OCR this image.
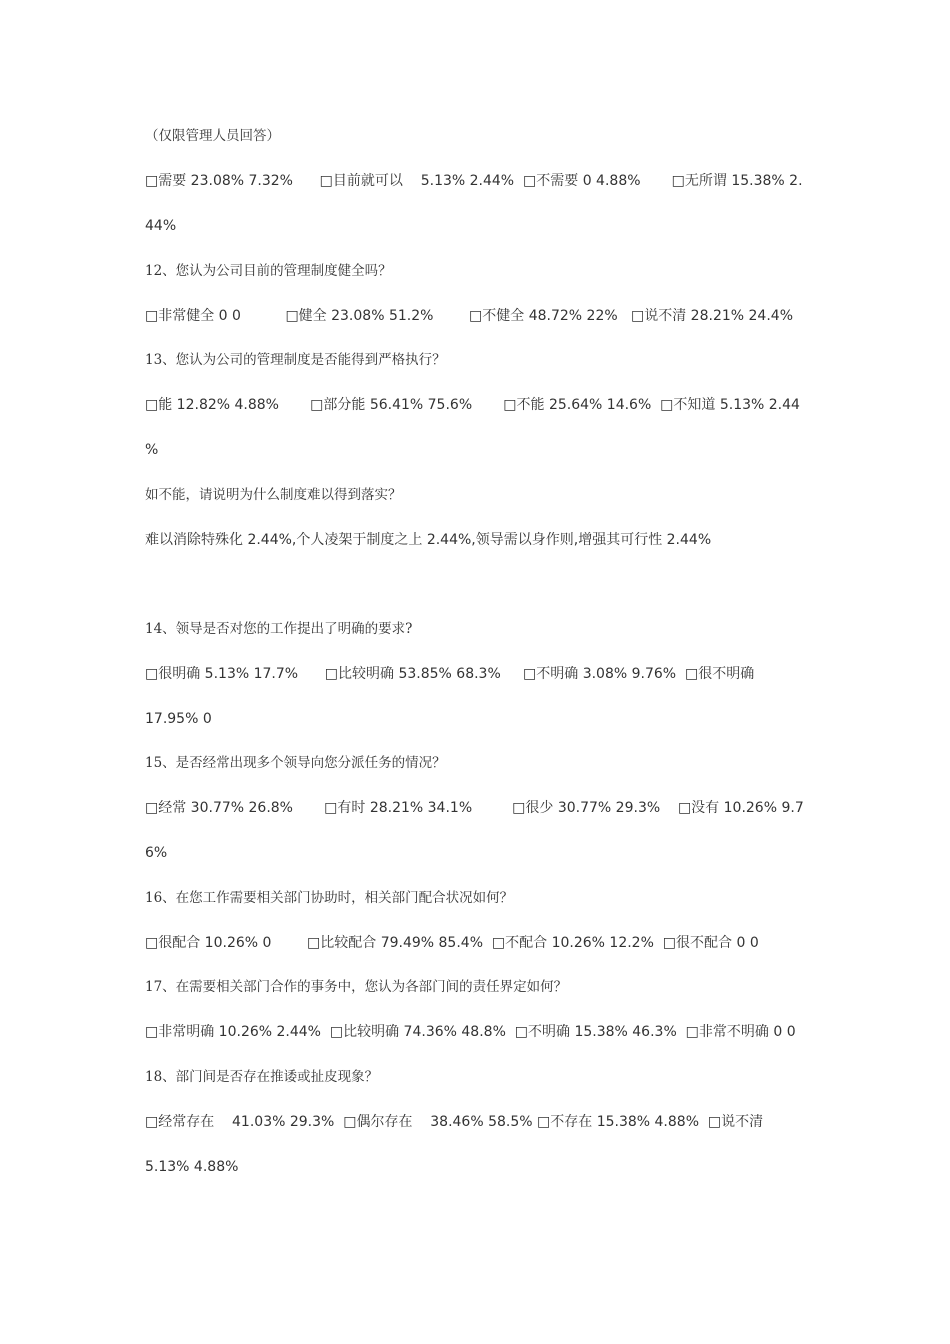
（仅限管理人员回答）
□需要 23.08% 7.32%      □目前就可以    5.13% 2.44%  □不需要 0 4.88%       □无所谓 15.38% 2.
44%
12、您认为公司目前的管理制度健全吗？
□非常健全 0 0          □健全 23.08% 51.2%        □不健全 48.72% 22%   □说不清 28.21% 24.4%
13、您认为公司的管理制度是否能得到严格执行？
□能 12.82% 4.88%       □部分能 56.41% 75.6%       □不能 25.64% 14.6%  □不知道 5.13% 2.44
%
如不能，请说明为什么制度难以得到落实？
难以消除特殊化 2.44%,个人凌架于制度之上 2.44%,领导需以身作则,增强其可行性 2.44%
14、领导是否对您的工作提出了明确的要求?
□很明确 5.13% 17.7%      □比较明确 53.85% 68.3%     □不明确 3.08% 9.76%  □很不明确
17.95% 0
15、是否经常出现多个领导向您分派任务的情况？
□经常 30.77% 26.8%       □有时 28.21% 34.1%         □很少 30.77% 29.3%    □没有 10.26% 9.7
6%
16、在您工作需要相关部门协助时，相关部门配合状况如何？
□很配合 10.26% 0        □比较配合 79.49% 85.4%  □不配合 10.26% 12.2%  □很不配合 0 0
17、在需要相关部门合作的事务中，您认为各部门间的责任界定如何？
□非常明确 10.26% 2.44%  □比较明确 74.36% 48.8%  □不明确 15.38% 46.3%  □非常不明确 0 0
18、部门间是否存在推诿或扯皮现象？
□经常存在    41.03% 29.3%  □偶尔存在    38.46% 58.5% □不存在 15.38% 4.88%  □说不清
5.13% 4.88%
